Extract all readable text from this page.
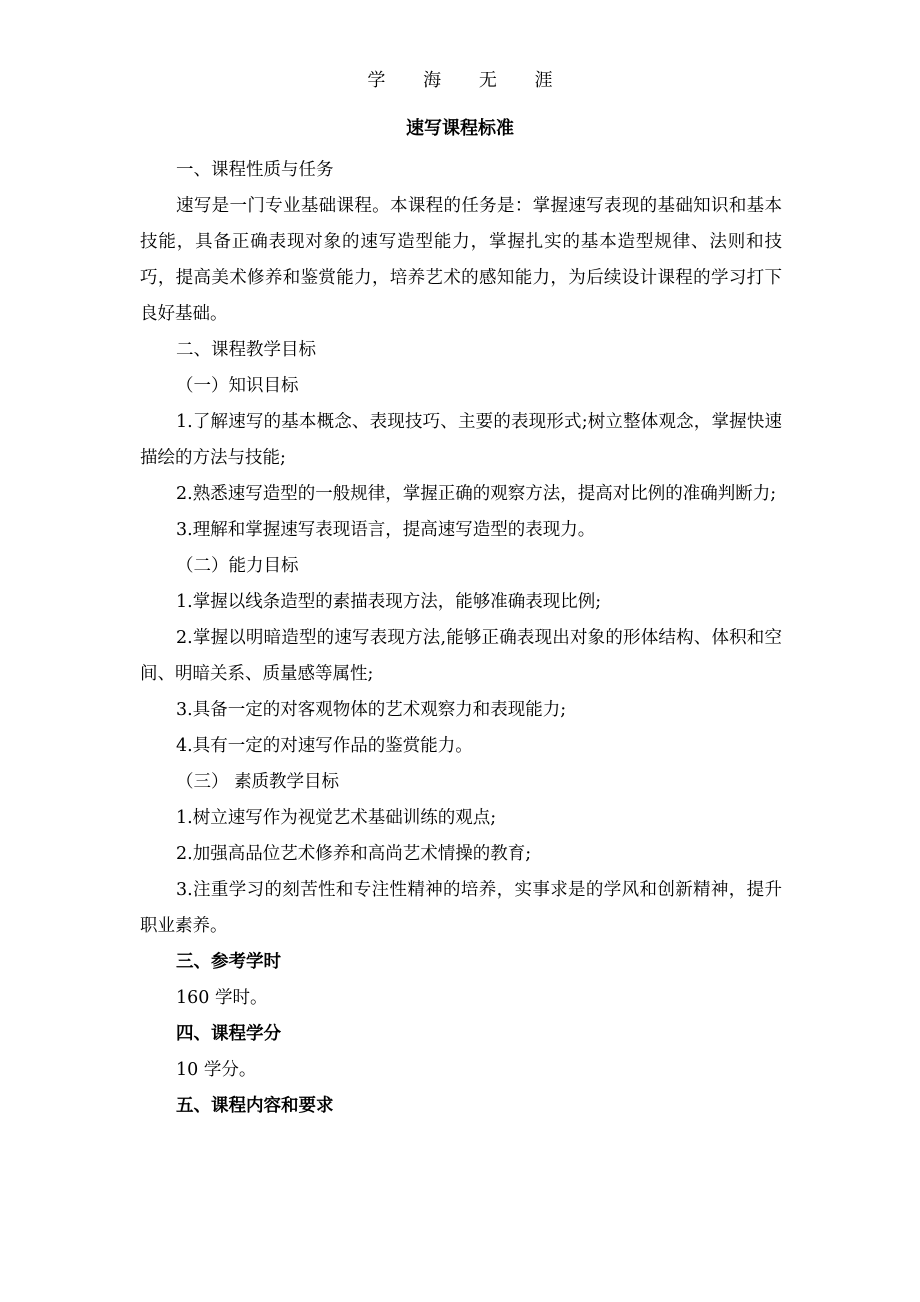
学 海 无 涯
速写课程标准

一、课程性质与任务

速写是一门专业基础课程。本课程的任务是：掌握速写表现的基础知识和基本技能，具备正确表现对象的速写造型能力，掌握扎实的基本造型规律、法则和技巧，提高美术修养和鉴赏能力，培养艺术的感知能力，为后续设计课程的学习打下良好基础。

二、课程教学目标

（一）知识目标

1.了解速写的基本概念、表现技巧、主要的表现形式;树立整体观念，掌握快速描绘的方法与技能;

2.熟悉速写造型的一般规律，掌握正确的观察方法，提高对比例的准确判断力;

3.理解和掌握速写表现语言，提高速写造型的表现力。

（二）能力目标

1.掌握以线条造型的素描表现方法，能够准确表现比例;

2.掌握以明暗造型的速写表现方法,能够正确表现出对象的形体结构、体积和空间、明暗关系、质量感等属性;

3.具备一定的对客观物体的艺术观察力和表现能力;

4.具有一定的对速写作品的鉴赏能力。

（三） 素质教学目标

1.树立速写作为视觉艺术基础训练的观点;

2.加强高品位艺术修养和高尚艺术情操的教育;

3.注重学习的刻苦性和专注性精神的培养，实事求是的学风和创新精神，提升职业素养。

三、参考学时

160 学时。

四、课程学分

10 学分。

五、课程内容和要求
